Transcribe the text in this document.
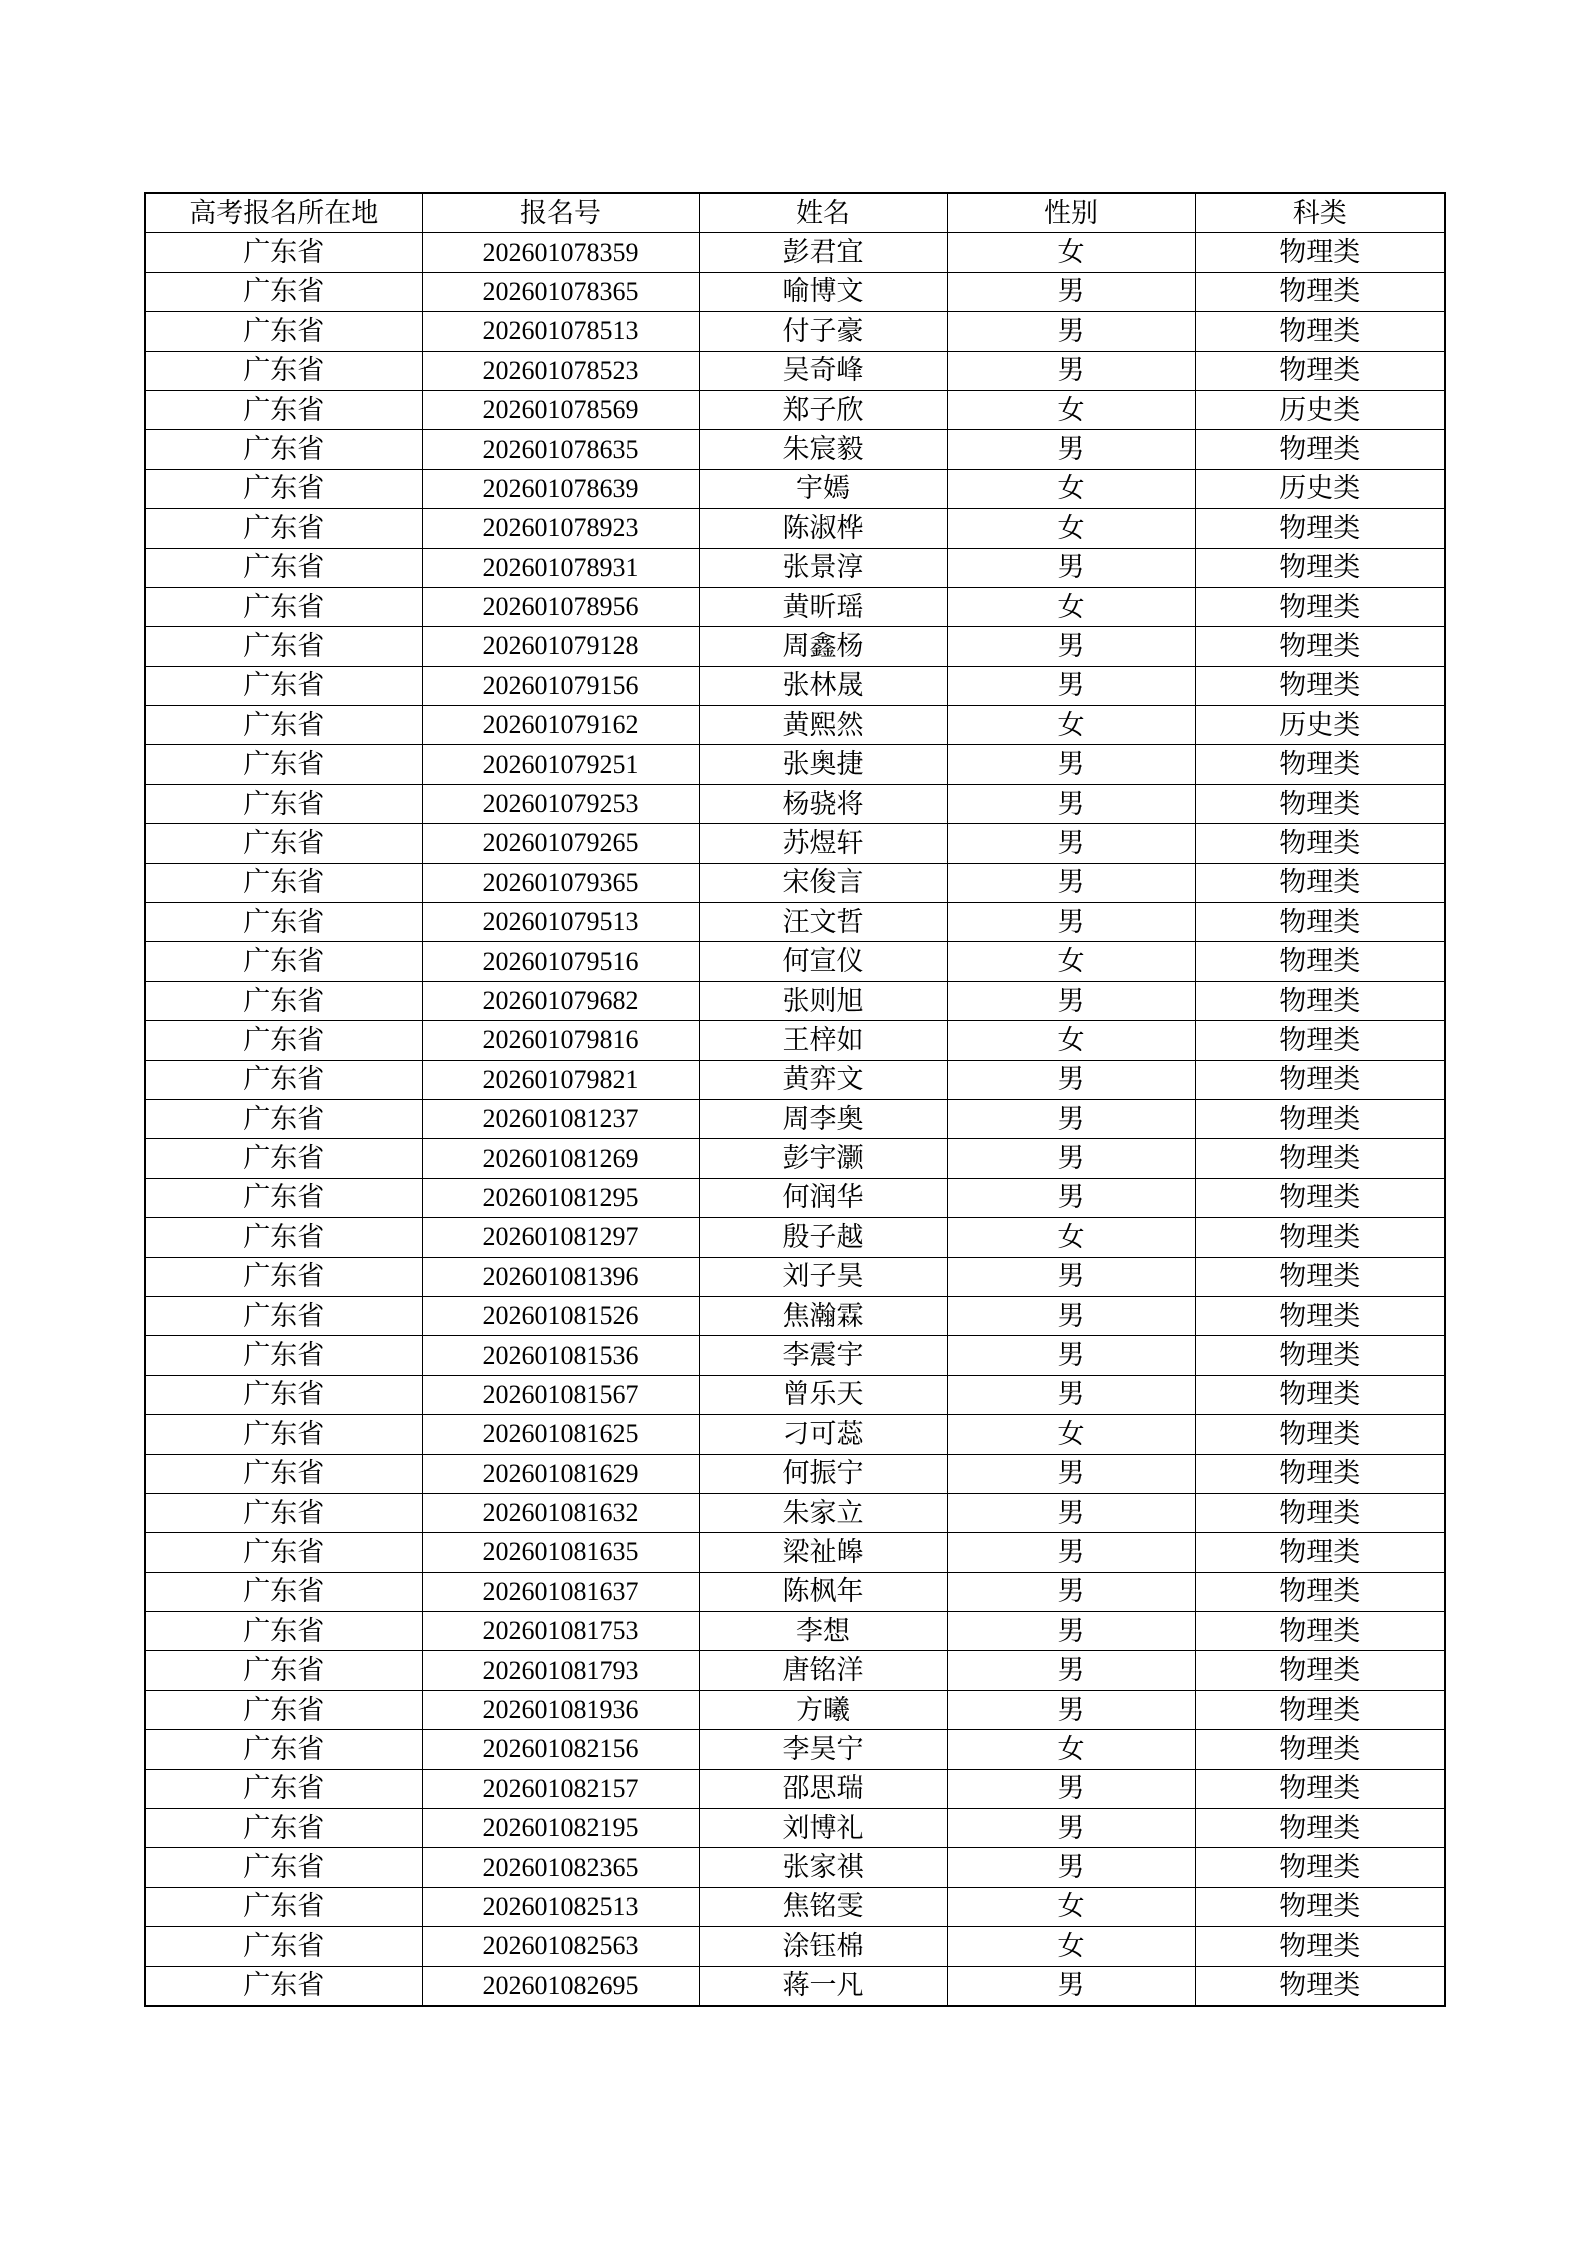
高考报名所在地	报名号	姓名	性别	科类
广东省	202601078359	彭君宜	女	物理类
广东省	202601078365	喻博文	男	物理类
广东省	202601078513	付子豪	男	物理类
广东省	202601078523	吴奇峰	男	物理类
广东省	202601078569	郑子欣	女	历史类
广东省	202601078635	朱宸毅	男	物理类
广东省	202601078639	宇嫣	女	历史类
广东省	202601078923	陈淑桦	女	物理类
广东省	202601078931	张景淳	男	物理类
广东省	202601078956	黄昕瑶	女	物理类
广东省	202601079128	周鑫杨	男	物理类
广东省	202601079156	张林晟	男	物理类
广东省	202601079162	黄熙然	女	历史类
广东省	202601079251	张奥捷	男	物理类
广东省	202601079253	杨骁将	男	物理类
广东省	202601079265	苏煜轩	男	物理类
广东省	202601079365	宋俊言	男	物理类
广东省	202601079513	汪文哲	男	物理类
广东省	202601079516	何宣仪	女	物理类
广东省	202601079682	张则旭	男	物理类
广东省	202601079816	王梓如	女	物理类
广东省	202601079821	黄弈文	男	物理类
广东省	202601081237	周李奥	男	物理类
广东省	202601081269	彭宇灏	男	物理类
广东省	202601081295	何润华	男	物理类
广东省	202601081297	殷子越	女	物理类
广东省	202601081396	刘子昊	男	物理类
广东省	202601081526	焦瀚霖	男	物理类
广东省	202601081536	李震宇	男	物理类
广东省	202601081567	曾乐天	男	物理类
广东省	202601081625	刁可蕊	女	物理类
广东省	202601081629	何振宁	男	物理类
广东省	202601081632	朱家立	男	物理类
广东省	202601081635	梁祉皞	男	物理类
广东省	202601081637	陈枫年	男	物理类
广东省	202601081753	李想	男	物理类
广东省	202601081793	唐铭洋	男	物理类
广东省	202601081936	方曦	男	物理类
广东省	202601082156	李昊宁	女	物理类
广东省	202601082157	邵思瑞	男	物理类
广东省	202601082195	刘博礼	男	物理类
广东省	202601082365	张家祺	男	物理类
广东省	202601082513	焦铭雯	女	物理类
广东省	202601082563	涂钰棉	女	物理类
广东省	202601082695	蒋一凡	男	物理类
